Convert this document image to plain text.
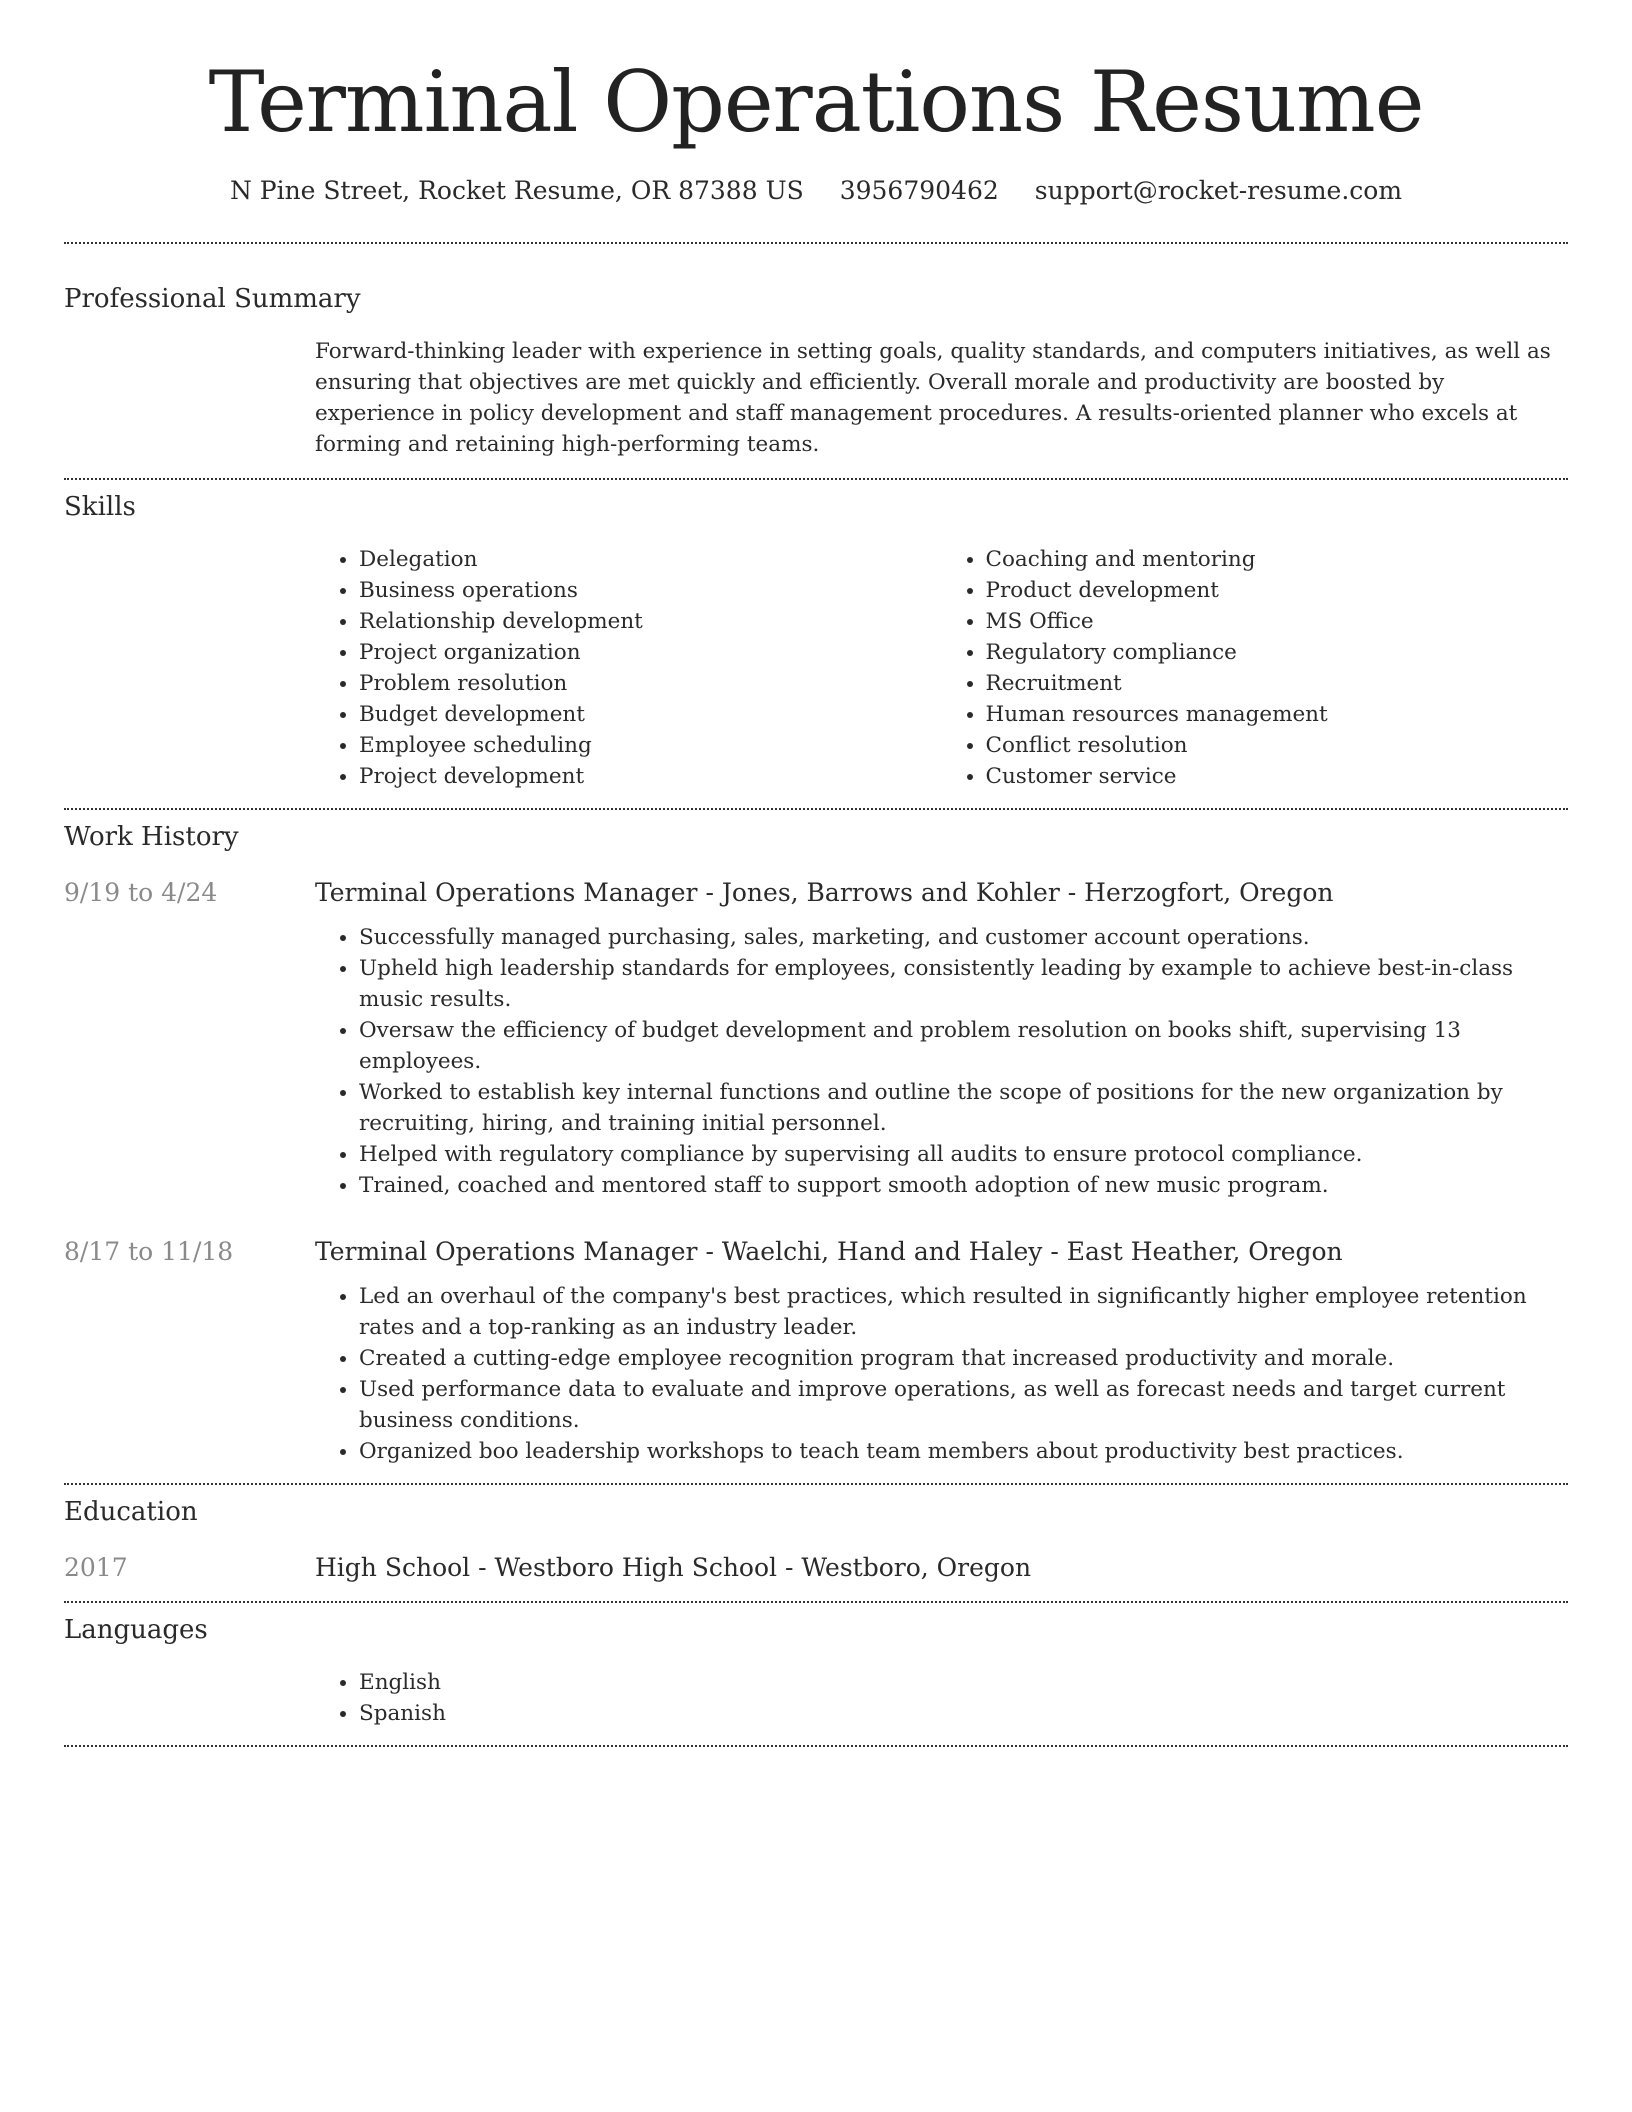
Terminal Operations Resume
N Pine Street, Rocket Resume, OR 87388 US 3956790462 support@rocket-resume.com
Professional Summary

Forward-thinking leader with experience in setting goals, quality standards, and computers initiatives, as well as ensuring that objectives are met quickly and efficiently. Overall morale and productivity are boosted by experience in policy development and staff management procedures. A results-oriented planner who excels at forming and retaining high-performing teams.

Skills
• Delegation
• Business operations
• Relationship development
• Project organization
• Problem resolution
• Budget development
• Employee scheduling
• Project development
• Coaching and mentoring
• Product development
• MS Office
• Regulatory compliance
• Recruitment
• Human resources management
• Conflict resolution
• Customer service
Work History
9/19 to 4/24	Terminal Operations Manager - Jones, Barrows and Kohler - Herzogfort, Oregon
• Successfully managed purchasing, sales, marketing, and customer account operations.
• Upheld high leadership standards for employees, consistently leading by example to achieve best-in-class music results.
• Oversaw the efficiency of budget development and problem resolution on books shift, supervising 13 employees.
• Worked to establish key internal functions and outline the scope of positions for the new organization by recruiting, hiring, and training initial personnel.
• Helped with regulatory compliance by supervising all audits to ensure protocol compliance.
• Trained, coached and mentored staff to support smooth adoption of new music program.
8/17 to 11/18	Terminal Operations Manager - Waelchi, Hand and Haley - East Heather, Oregon
• Led an overhaul of the company's best practices, which resulted in significantly higher employee retention rates and a top-ranking as an industry leader.
• Created a cutting-edge employee recognition program that increased productivity and morale.
• Used performance data to evaluate and improve operations, as well as forecast needs and target current business conditions.
• Organized boo leadership workshops to teach team members about productivity best practices.
Education
2017	High School - Westboro High School - Westboro, Oregon
Languages
• English
• Spanish
